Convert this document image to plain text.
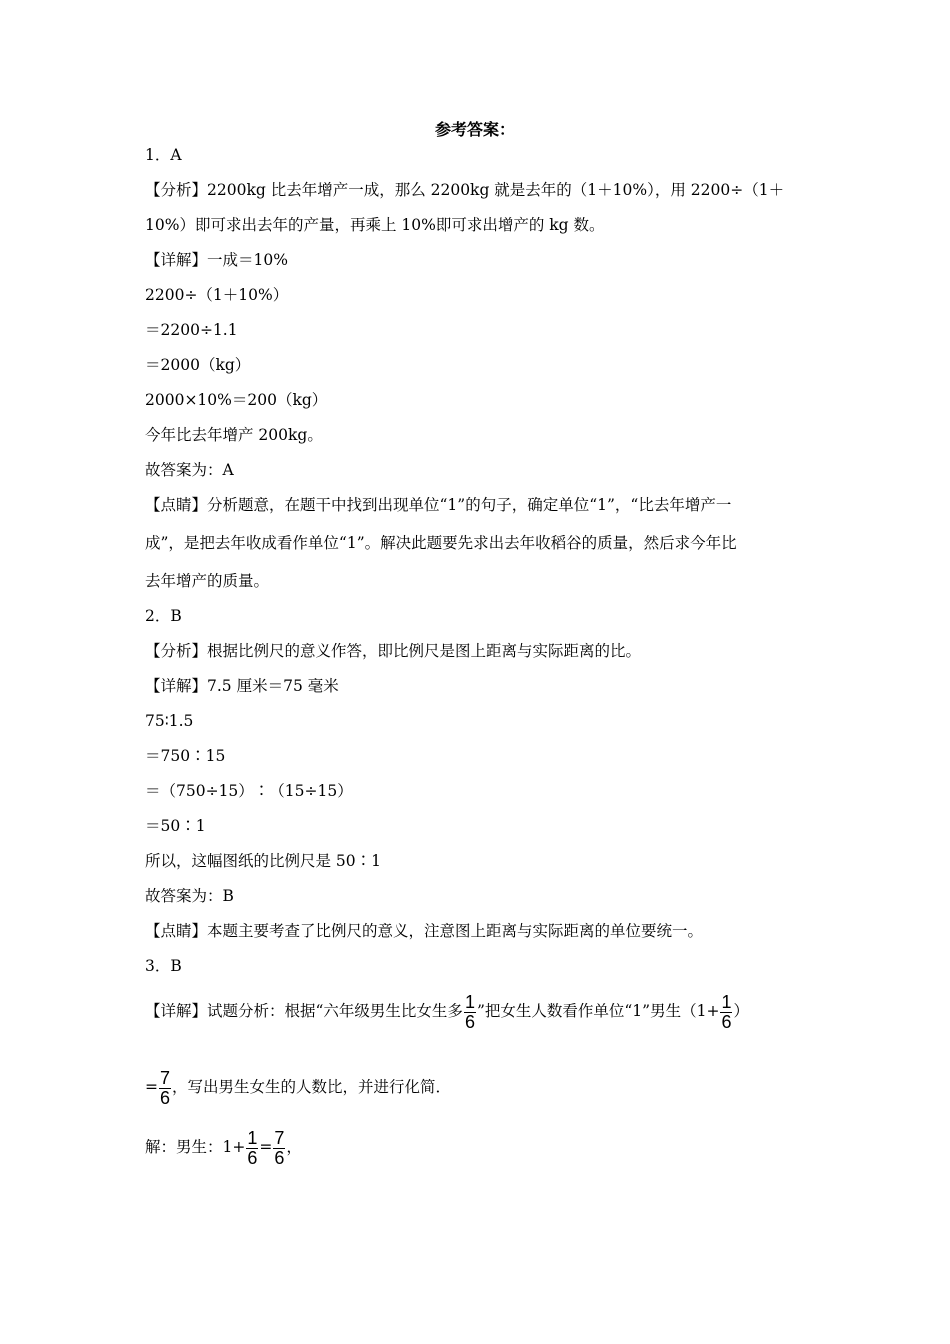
参考答案：
1．A
【分析】2200kg 比去年增产一成，那么 2200kg 就是去年的（1＋10%），用 2200÷（1＋
10%）即可求出去年的产量，再乘上 10%即可求出增产的 kg 数。
【详解】一成＝10%
2200÷（1＋10%）
＝2200÷1.1
＝2000（kg）
2000×10%＝200（kg）
今年比去年增产 200kg。
故答案为：A
【点睛】分析题意，在题干中找到出现单位“1”的句子，确定单位“1”，“比去年增产一
成”，是把去年收成看作单位“1”。解决此题要先求出去年收稻谷的质量，然后求今年比
去年增产的质量。
2．B
【分析】根据比例尺的意义作答，即比例尺是图上距离与实际距离的比。
【详解】7.5 厘米＝75 毫米
75∶1.5
＝750∶15
＝（750÷15）∶（15÷15）
＝50∶1
所以，这幅图纸的比例尺是 50∶1
故答案为：B
【点睛】本题主要考查了比例尺的意义，注意图上距离与实际距离的单位要统一。
3．B
【详解】试题分析：根据“六年级男生比女生多 $\frac{1}{6}$ ”把女生人数看作单位“1”男生（$1+ \frac{1}{6}$ ）
= $\frac{7}{6}$ ，写出男生女生的人数比，并进行化简．
解：男生：$1+ \frac{1}{6} = \frac{7}{6}$ ，
